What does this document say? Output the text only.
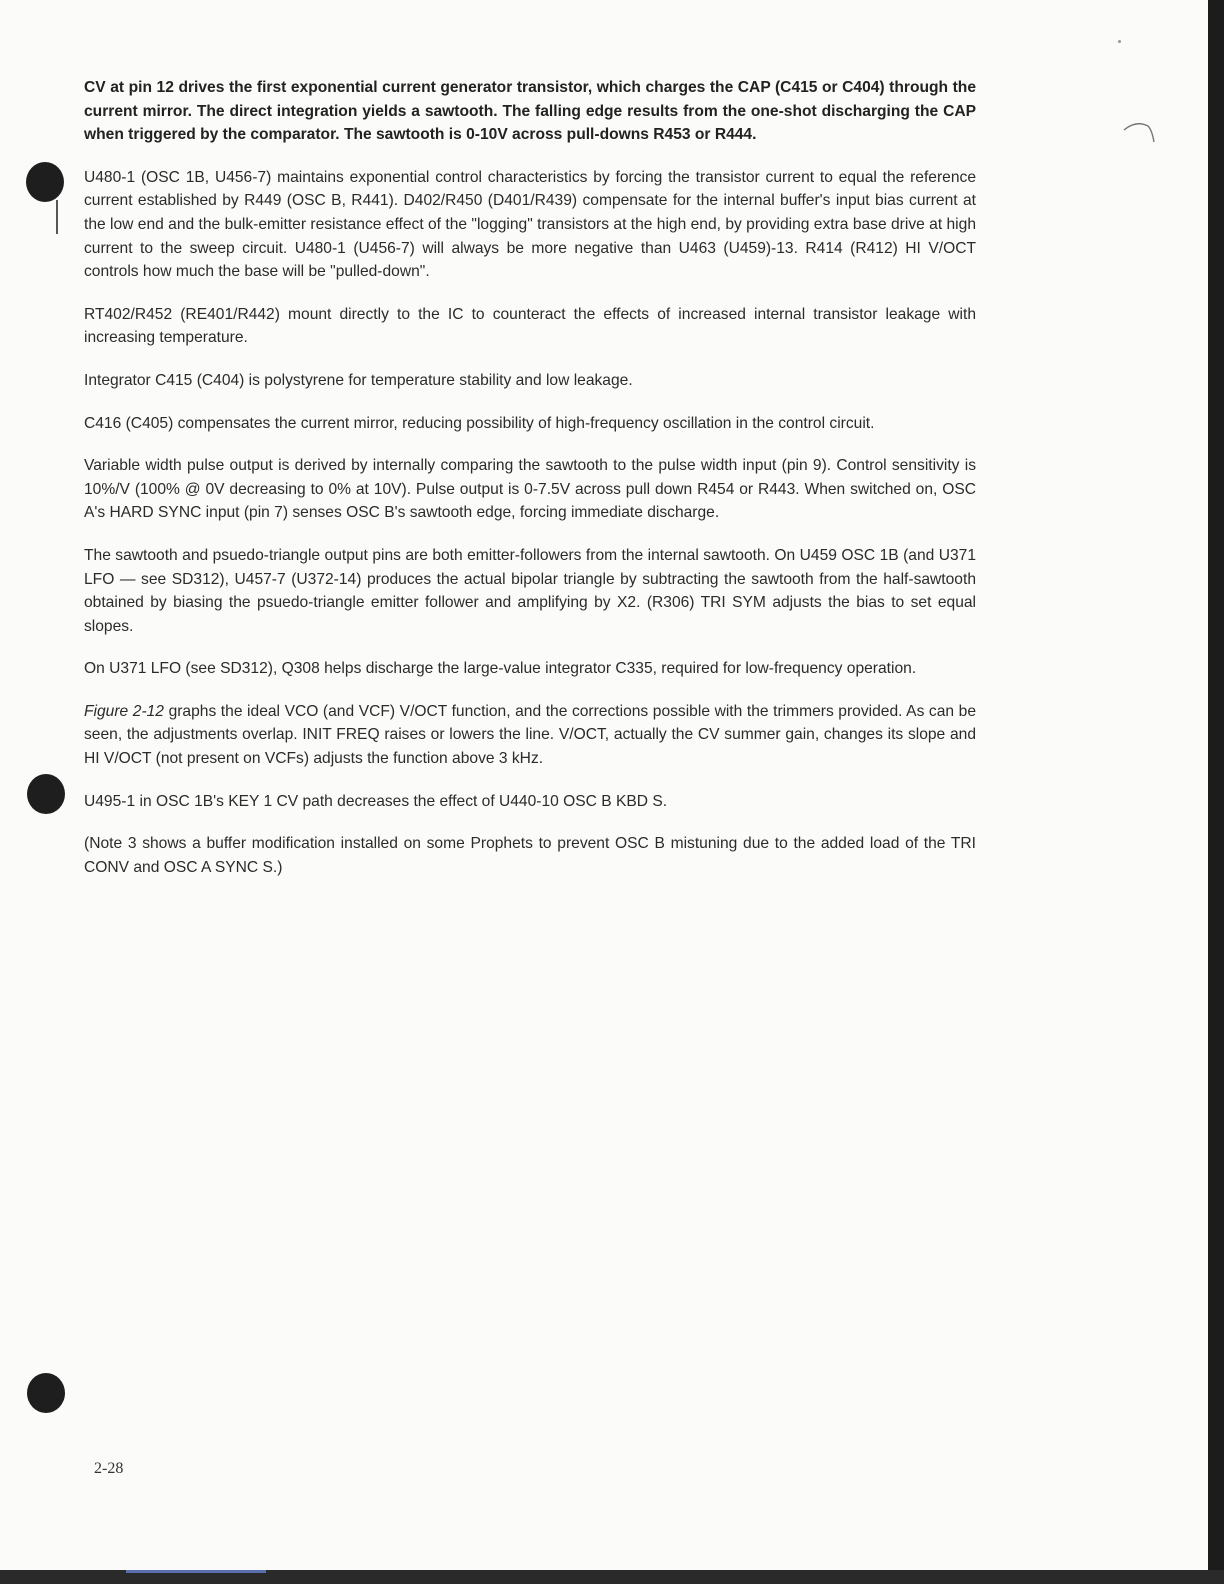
CV at pin 12 drives the first exponential current generator transistor, which charges the CAP (C415 or C404) through the current mirror. The direct integration yields a sawtooth. The falling edge results from the one-shot discharging the CAP when triggered by the comparator. The sawtooth is 0-10V across pull-downs R453 or R444.

U480-1 (OSC 1B, U456-7) maintains exponential control characteristics by forcing the transistor current to equal the reference current established by R449 (OSC B, R441). D402/R450 (D401/R439) compensate for the internal buffer's input bias current at the low end and the bulk-emitter resistance effect of the "logging" transistors at the high end, by providing extra base drive at high current to the sweep circuit. U480-1 (U456-7) will always be more negative than U463 (U459)-13. R414 (R412) HI V/OCT controls how much the base will be "pulled-down".

RT402/R452 (RE401/R442) mount directly to the IC to counteract the effects of increased internal transistor leakage with increasing temperature.

Integrator C415 (C404) is polystyrene for temperature stability and low leakage.

C416 (C405) compensates the current mirror, reducing possibility of high-frequency oscillation in the control circuit.

Variable width pulse output is derived by internally comparing the sawtooth to the pulse width input (pin 9). Control sensitivity is 10%/V (100% @ 0V decreasing to 0% at 10V). Pulse output is 0-7.5V across pull down R454 or R443. When switched on, OSC A's HARD SYNC input (pin 7) senses OSC B's sawtooth edge, forcing immediate discharge.

The sawtooth and psuedo-triangle output pins are both emitter-followers from the internal sawtooth. On U459 OSC 1B (and U371 LFO — see SD312), U457-7 (U372-14) produces the actual bipolar triangle by subtracting the sawtooth from the half-sawtooth obtained by biasing the psuedo-triangle emitter follower and amplifying by X2. (R306) TRI SYM adjusts the bias to set equal slopes.

On U371 LFO (see SD312), Q308 helps discharge the large-value integrator C335, required for low-frequency operation.

Figure 2-12 graphs the ideal VCO (and VCF) V/OCT function, and the corrections possible with the trimmers provided. As can be seen, the adjustments overlap. INIT FREQ raises or lowers the line. V/OCT, actually the CV summer gain, changes its slope and HI V/OCT (not present on VCFs) adjusts the function above 3 kHz.

U495-1 in OSC 1B's KEY 1 CV path decreases the effect of U440-10 OSC B KBD S.

(Note 3 shows a buffer modification installed on some Prophets to prevent OSC B mistuning due to the added load of the TRI CONV and OSC A SYNC S.)

2-28
